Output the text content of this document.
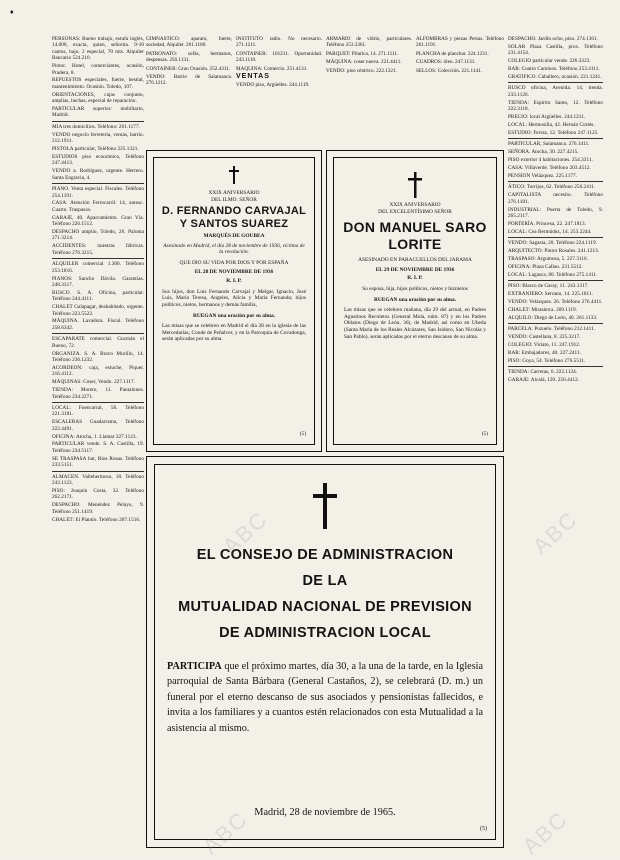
♦

PERSONAS: Bueno trabajo, estufa inglés, 14.000, exacta, quien, señorita. 9-10 cantos, bajo. 2 especial, 70 mts. Alquiler Bancario 524.210.

Pintor. Hotel, comerciantes, ocasión, Pradera, 8.

REPUESTOS especiales, fuerte, bestial, mantenimiento. Ocasión. Toledo, 107.

ORIENTACIONES, cajas conjunto, amplias, hechas, especial de reparación.

PARTICULAR superior: mobiliario, Madrid.

MIA tres domicilios. Teléfono: 261.1177.

VENDO negocio ferretería, ventas, barrio. 212.1911.

PISTOLA particular, Teléfono 225.1321.

ESTUDIOS piso económico, Teléfono 247.4413.

VENDO a. Rodríguez, urgente. Herrero. Santa Engracia, 4.

PIANO. Venta especial. Fiscales. Teléfono 254.1191.

CASA: Atención Ferrocarril. 14, autosc. Cuarto. Traspasos.

GARAJE, 40. Aparcamiento. Gran Vía. Teléfono 226.1512.

DESPACHO amplio, Toledo, 26. Paloma 271.3214.

ACCIDENTES: nuestras fábricas. Teléfono 276.3215.

ALQUILER comercial 1.300. Teléfono 253.1816.

PIANOS: Sancho Dávila. Garantías. 248.3317.

BUSCO. S. A. Oficina, particular. Teléfono 244.4111.

CHALET Galapagar, deshabitado, urgente. Teléfono 223.5522.

MÁQUINA. Lavadora. Fiscal. Teléfono 258.6342.

ESCAPARATE comercial. Guzmán el Bueno, 72.

ORGANIZA. S. A. Bravo Murillo, 14. Teléfono 236.1232.

ACORDEON: caja, estuche, Piquer. 216.4112.

MÁQUINAS: Coser, Vendo. 227.1117.

TIENDA: Moreto, 11. Pantalones. Teléfono 234.2271.

LOCAL: Fuencarral, 58. Teléfono 221.3181.

ESCALERAS Guadarrama, Teléfono 222.4491.

OFICINA: Atocha, 1. Llamar 227.1123.

PARTICULAR vende. S. A. Castilla, 19. Teléfono 234.5117.

SE TRASPASA bar, Ríos Rosas. Teléfono 233.5151.

ALMACEN. Vallehermoso, 18. Teléfono 243.1123.

PISO: Joaquín Costa, 32. Teléfono 262.2171.

DESPACHO: Menéndez Pelayo, 9. Teléfono 251.1419.

CHALET: El Plantío. Teléfono 207.1516.

DESPACHO. Jardín ocho, piso. 274.1361.

SOLAR Plaza Castilla, prox. Teléfono 231.4154.

COLEGIO particular vende. 226.3323.

BAR: Cuatro Caminos. Teléfono 253.4111.

GRATIFICO. Caballero, ocasión. 221.1241.

BUSCO oficina, Avenida. 14, tienda. 233.1126.

TIENDA: Espíritu Santo, 12. Teléfono 222.3118.

PRECIO: local Argüelles. 244.1211.

LOCAL: Hermosilla, 42. Hernán Cortés.

ESTUDIO: Ferraz, 12. Teléfono 247.1125.

PARTICULAR, Salamanca. 276.1411.

SEÑORA. Atocha, 30. 227.4215.

PISO exterior 4 habitaciones. 254.3311.

CASA: Villaverde. Teléfono 203.4512.

PENSION Velázquez. 225.1177.

ÁTICO: Torrijos, 62. Teléfono 256.2411.

CAPITALISTA necesito. Teléfono 276.1181.

INDUSTRIAL: Puerta de Toledo, 9. 265.2117.

PORTERÍA. Princesa, 22. 247.1813.

LOCAL: Cea Bermúdez, 14. 253.2244.

VENDO: Sagasta, 20. Teléfono 224.1119.

ARQUITECTO: Pintor Rosales. 241.1213.

TRASPASO: Argumosa, 5. 227.3116.

OFICINA: Plaza Callao. 231.5512.

LOCAL: Lagasca, 80. Teléfono 275.1411.

PISO: Blasco de Garay, 11. 243.1317.

EXTRANJERO: Serrano, 14. 225.1811.

VENDO: Velázquez. 26. Teléfono 276.4411.

CHALET: Mirasierra. 209.1119.

ALQUILO: Diego de León, 40. 261.1133.

PARCELA: Pozuelo. Teléfono 212.1411.

VENDO: Castellana, 8. 225.3217.

COLEGIO: Viriato, 11. 247.1912.

BAR: Embajadores, 40. 227.2411.

PISO: Goya, 54. Teléfono 276.5511.

TIENDA: Carretas, 6. 222.1124.

GARAJE: Alcalá, 120. 256.4412.

GIMNASTICO: aparato, fuerte, sociedad, Alquiler. 261.1180.
PATRONATO: sofás, hermanos, despensas. 256.1131.
CONTAINER: Gran Ocasión. 252.4311.
VENDO: Barrio de Salamanca. 276.1212.
INSTITUTO radio. No necesario. 271.1211.
CONTAINER: 101211. Oportunidad. 243.1110.
MAQUINA: Comercio. 251.4131.
VENTAS
VENDO piso, Argüelles. 244.1119.
ARMARIO de vidrio, particulares. Teléfono 253.3361.
PARQUET: Pilarica, 14. 271.1111.
MÁQUINA: coser nueva. 221.4411.
VENDO: piso céntrico. 222.1321.
ALFOMBRAS y piezas Persas. Teléfono 261.1191.
PLANCHA de planchar. 224.1231.
CUADROS: óleo. 247.1131.
SELLOS: Colección. 221.1141.
XXIX ANIVERSARIO
DEL ILMO. SEÑOR
D. FERNANDO CARVAJAL
Y SANTOS SUAREZ
MARQUÉS DE GOUBEA
Asesinado en Madrid, el día 28 de noviembre de 1936, víctima de la revolución.
QUE DIO SU VIDA POR DIOS Y POR ESPAÑA
EL 28 DE NOVIEMBRE DE 1936
R. I. P.
Sus hijos, don Luis Fernando Carvajal y Melgar, Ignacio, José Luis, María Teresa, Angeles, Alicia y María Fernanda; hijos políticos, nietos, hermanos y demás familia,
RUEGAN una oración por su alma.
Las misas que se celebren en Madrid el día 28 en la iglesia de las Mercedarias, Conde de Peñalver, y en la Parroquia de Covadonga, serán aplicadas por su alma.
(5)
XXIX ANIVERSARIO
DEL EXCELENTÍSIMO SEÑOR
DON MANUEL SARO
LORITE
ASESINADO EN PARACUELLOS DEL JARAMA
EL 29 DE NOVIEMBRE DE 1936
R. I. P.
Su esposa, hija, hijos políticos, nietos y biznietos
RUEGAN una oración por su alma.
Las misas que se celebren mañana, día 29 del actual, en Padres Agustinos Recoletos (General Mola, núm. 87) y en los Padres Oblatos (Diego de León, 36), de Madrid, así como en Ubeda (Santa María de los Reales Alcázares, San Isidoro, San Nicolás y San Pablo), serán aplicadas por el eterno descanso de su alma.
(5)
EL CONSEJO DE ADMINISTRACION
DE LA
MUTUALIDAD NACIONAL DE PREVISION
DE ADMINISTRACION LOCAL
PARTICIPA que el próximo martes, día 30, a la una de la tarde, en la Iglesia parroquial de Santa Bárbara (General Castaños, 2), se celebrará (D. m.) un funeral por el eterno descanso de sus asociados y pensionistas fallecidos, e invita a los familiares y a cuantos estén relacionados con esta Mutualidad a la asistencia al mismo.
Madrid, 28 de noviembre de 1965.
(5)
ABC	ABC
ABC	ABC
